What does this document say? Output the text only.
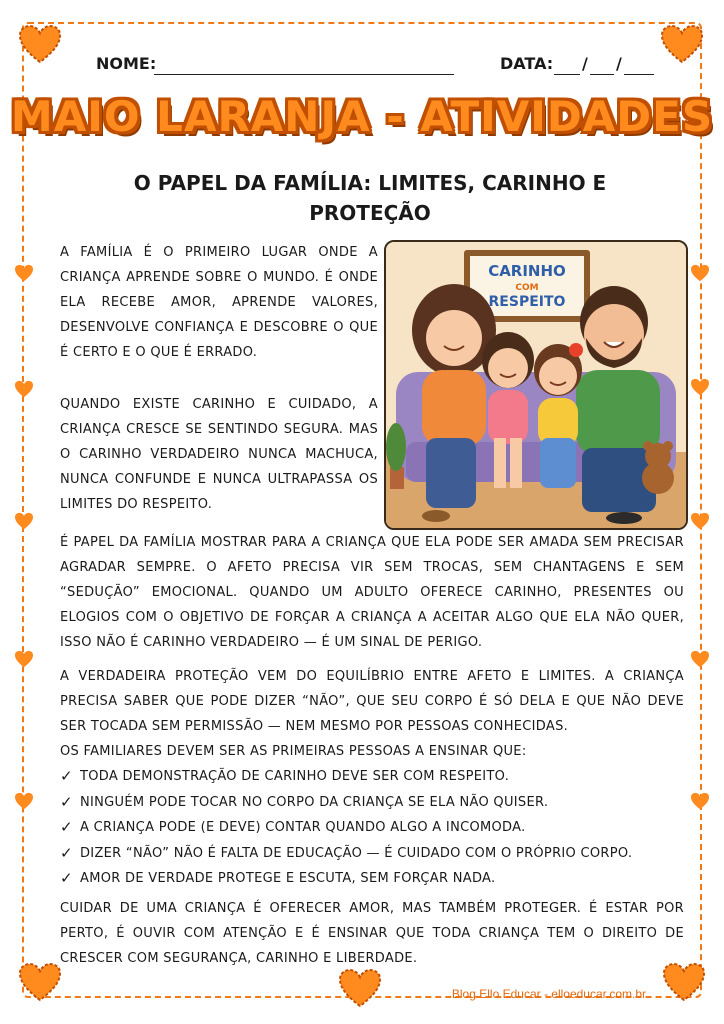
NOME:	DATA: / /
MAIO LARANJA - ATIVIDADES
O PAPEL DA FAMÍLIA: LIMITES, CARINHO E
PROTEÇÃO
A FAMÍLIA É O PRIMEIRO LUGAR ONDE A CRIANÇA APRENDE SOBRE O MUNDO. É ONDE ELA RECEBE AMOR, APRENDE VALORES, DESENVOLVE CONFIANÇA E DESCOBRE O QUE É CERTO E O QUE É ERRADO.
QUANDO EXISTE CARINHO E CUIDADO, A CRIANÇA CRESCE SE SENTINDO SEGURA. MAS O CARINHO VERDADEIRO NUNCA MACHUCA, NUNCA CONFUNDE E NUNCA ULTRAPASSA OS LIMITES DO RESPEITO.
CARINHO
COM
RESPEITO
É PAPEL DA FAMÍLIA MOSTRAR PARA A CRIANÇA QUE ELA PODE SER AMADA SEM PRECISAR AGRADAR SEMPRE. O AFETO PRECISA VIR SEM TROCAS, SEM CHANTAGENS E SEM “SEDUÇÃO” EMOCIONAL. QUANDO UM ADULTO OFERECE CARINHO, PRESENTES OU ELOGIOS COM O OBJETIVO DE FORÇAR A CRIANÇA A ACEITAR ALGO QUE ELA NÃO QUER, ISSO NÃO É CARINHO VERDADEIRO — É UM SINAL DE PERIGO.
A VERDADEIRA PROTEÇÃO VEM DO EQUILÍBRIO ENTRE AFETO E LIMITES. A CRIANÇA PRECISA SABER QUE PODE DIZER “NÃO”, QUE SEU CORPO É SÓ DELA E QUE NÃO DEVE SER TOCADA SEM PERMISSÃO — NEM MESMO POR PESSOAS CONHECIDAS.
OS FAMILIARES DEVEM SER AS PRIMEIRAS PESSOAS A ENSINAR QUE:
✓ TODA DEMONSTRAÇÃO DE CARINHO DEVE SER COM RESPEITO.
✓ NINGUÉM PODE TOCAR NO CORPO DA CRIANÇA SE ELA NÃO QUISER.
✓ A CRIANÇA PODE (E DEVE) CONTAR QUANDO ALGO A INCOMODA.
✓ DIZER “NÃO” NÃO É FALTA DE EDUCAÇÃO — É CUIDADO COM O PRÓPRIO CORPO.
✓ AMOR DE VERDADE PROTEGE E ESCUTA, SEM FORÇAR NADA.
CUIDAR DE UMA CRIANÇA É OFERECER AMOR, MAS TAMBÉM PROTEGER. É ESTAR POR PERTO, É OUVIR COM ATENÇÃO E É ENSINAR QUE TODA CRIANÇA TEM O DIREITO DE CRESCER COM SEGURANÇA, CARINHO E LIBERDADE.
Blog Ello Educar - elloeducar.com.br
